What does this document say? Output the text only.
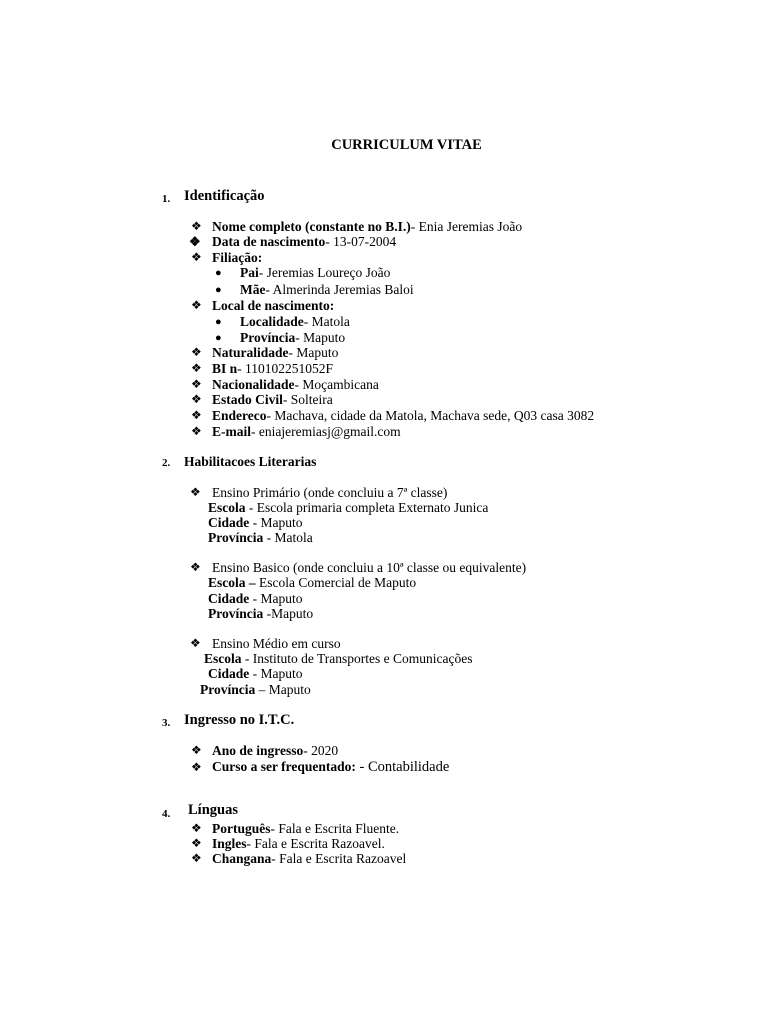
CURRICULUM VITAE
1. Identificação
❖ Nome completo (constante no B.I.)- Enia Jeremias João
❖ Data de nascimento- 13-07-2004
❖ Filiação:
● Pai- Jeremias Loureço João
● Mãe- Almerinda Jeremias Baloi
❖ Local de nascimento:
● Localidade- Matola
● Província- Maputo
❖ Naturalidade- Maputo
❖ BI n- 110102251052F
❖ Nacionalidade- Moçambicana
❖ Estado Civil- Solteira
❖ Endereco- Machava, cidade da Matola, Machava sede, Q03 casa 3082
❖ E-mail- eniajeremiasj@gmail.com
2. Habilitacoes Literarias
❖ Ensino Primário (onde concluiu a 7ª classe)
Escola - Escola primaria completa Externato Junica
Cidade - Maputo
Província - Matola
❖ Ensino Basico (onde concluiu a 10ª classe ou equivalente)
Escola – Escola Comercial de Maputo
Cidade - Maputo
Província -Maputo
❖ Ensino Médio em curso
Escola - Instituto de Transportes e Comunicações
Cidade - Maputo
Província – Maputo
3. Ingresso no I.T.C.
❖ Ano de ingresso- 2020
❖ Curso a ser frequentado: - Contabilidade
4. Línguas
❖ Português- Fala e Escrita Fluente.
❖ Ingles- Fala e Escrita Razoavel.
❖ Changana- Fala e Escrita Razoavel
